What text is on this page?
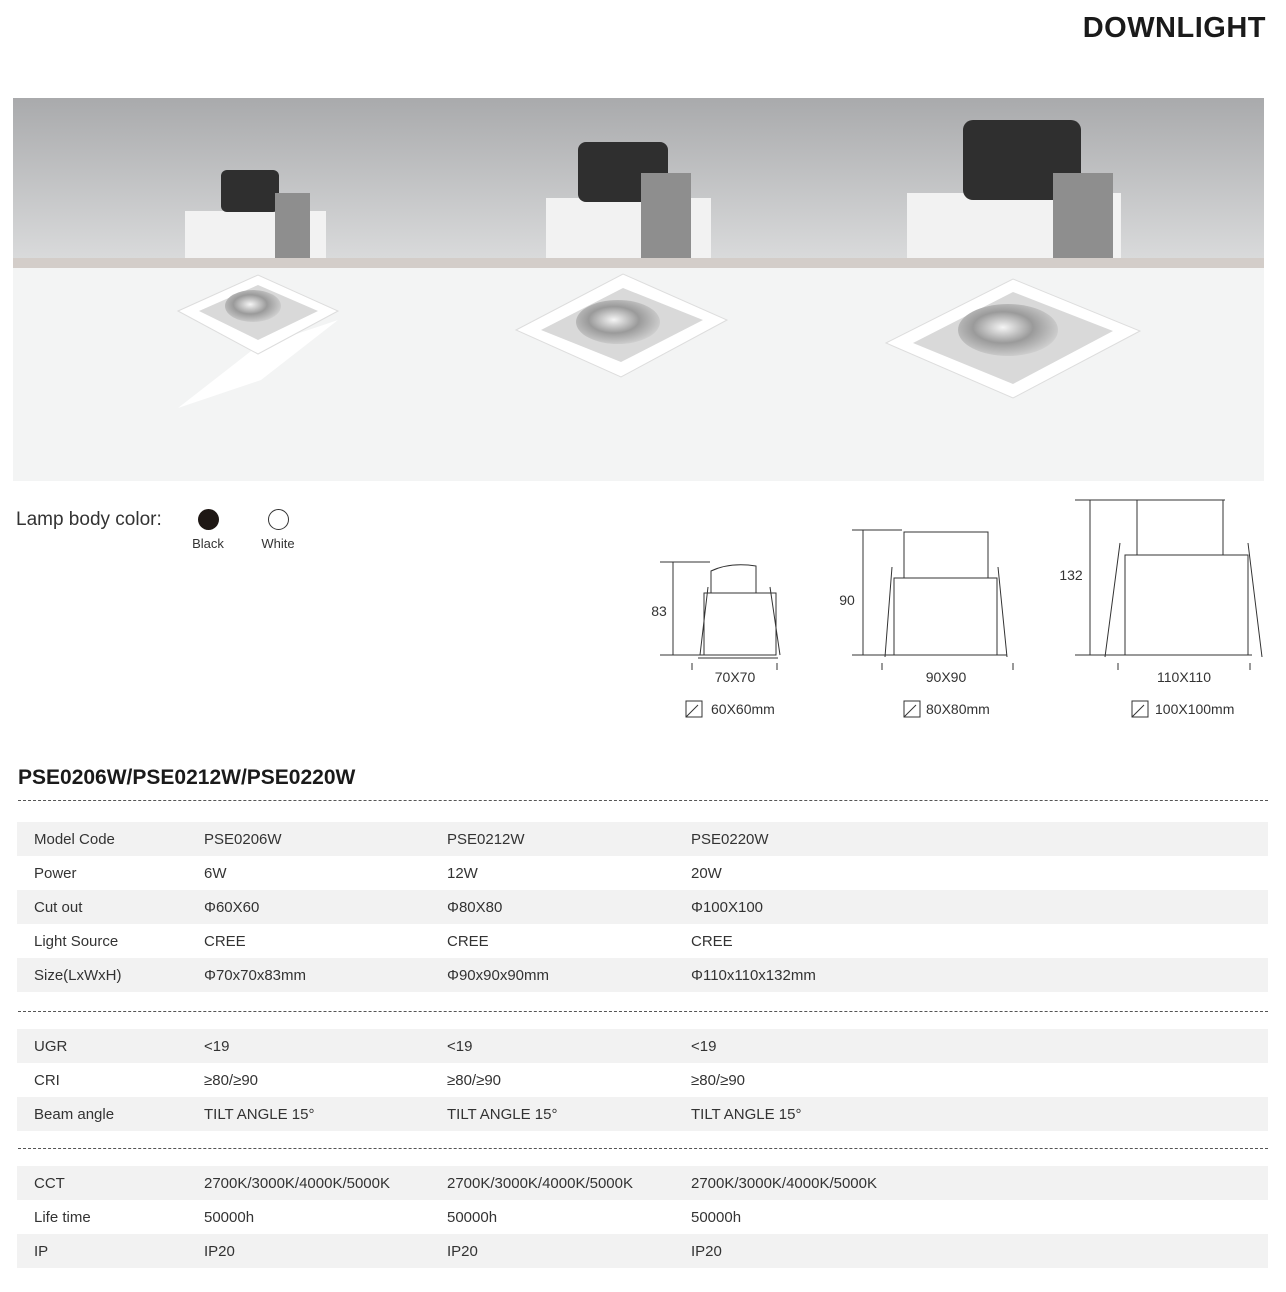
DOWNLIGHT
Lamp body color:
Black	White
83
70X70
60X60mm
90
90X90
80X80mm
132
110X110
100X100mm
PSE0206W/PSE0212W/PSE0220W
Model Code	PSE0206W	PSE0212W	PSE0220W
Power	6W	12W	20W
Cut out	Φ60X60	Φ80X80	Φ100X100
Light Source	CREE	CREE	CREE
Size(LxWxH)	Φ70x70x83mm	Φ90x90x90mm	Φ110x110x132mm
UGR	<19	<19	<19
CRI	≥80/≥90	≥80/≥90	≥80/≥90
Beam angle	TILT ANGLE 15°	TILT ANGLE 15°	TILT ANGLE 15°
CCT	2700K/3000K/4000K/5000K	2700K/3000K/4000K/5000K	2700K/3000K/4000K/5000K
Life time	50000h	50000h	50000h
IP	IP20	IP20	IP20
